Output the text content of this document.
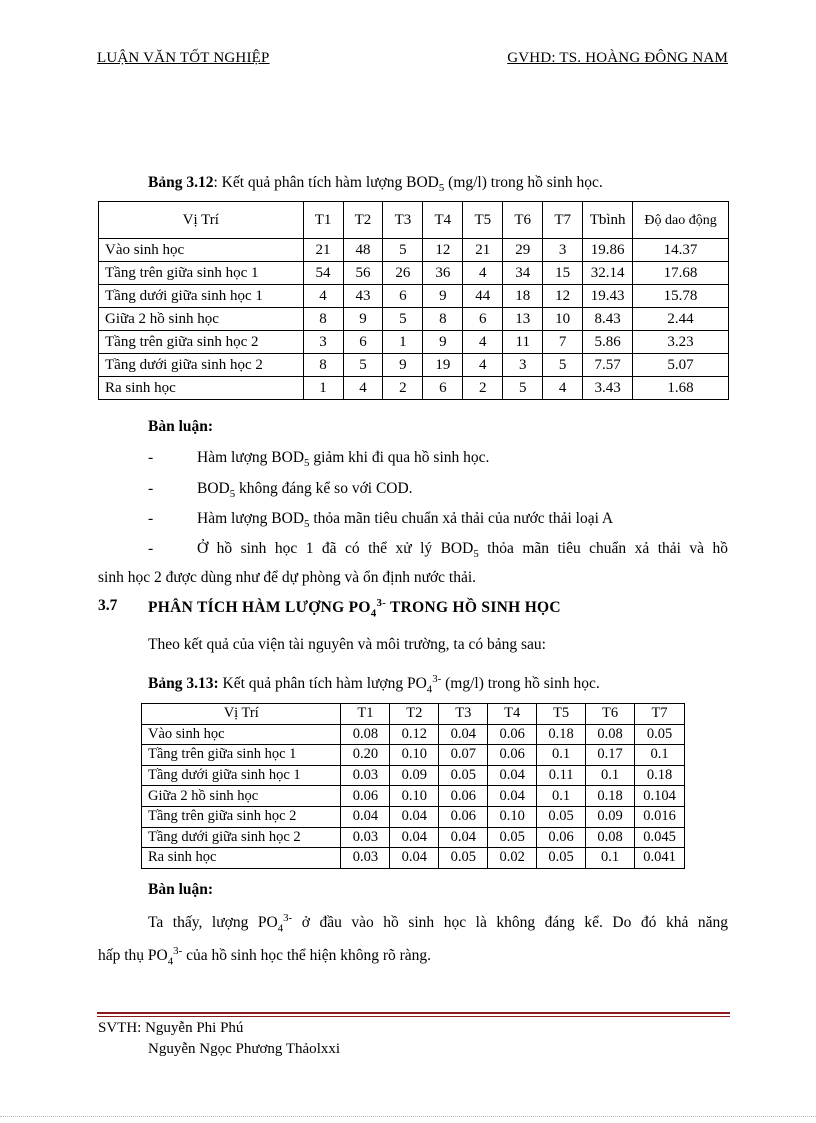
LUẬN VĂN TỐT NGHIỆP	GVHD: TS. HOÀNG ĐÔNG NAM
Bảng 3.12: Kết quả phân tích hàm lượng $BOD_5$ (mg/l) trong hồ sinh học.
Vị Trí	T1	T2	T3	T4	T5	T6	T7	Tbình	Độ dao động
Vào sinh học	21	48	5	12	21	29	3	19.86	14.37
Tầng trên giữa sinh học 1	54	56	26	36	4	34	15	32.14	17.68
Tầng dưới giữa sinh học 1	4	43	6	9	44	18	12	19.43	15.78
Giữa 2 hồ sinh học	8	9	5	8	6	13	10	8.43	2.44
Tầng trên giữa sinh học 2	3	6	1	9	4	11	7	5.86	3.23
Tầng dưới giữa sinh học 2	8	5	9	19	4	3	5	7.57	5.07
Ra sinh học	1	4	2	6	2	5	4	3.43	1.68
Bàn luận:
-	Hàm lượng $BOD_5$ giảm khi đi qua hồ sinh học.
-	$BOD_5$ không đáng kể so với COD.
-	Hàm lượng $BOD_5$ thỏa mãn tiêu chuẩn xả thải của nước thải loại A
-	Ở hồ sinh học 1 đã có thể xử lý $BOD_5$ thỏa mãn tiêu chuẩn xả thải và hồ
sinh học 2 được dùng như để dự phòng và ổn định nước thải.
3.7 PHÂN TÍCH HÀM LƯỢNG $PO_4^{3-}$ TRONG HỒ SINH HỌC
Theo kết quả của viện tài nguyên và môi trường, ta có bảng sau:
Bảng 3.13: Kết quả phân tích hàm lượng $PO_4^{3-}$ (mg/l) trong hồ sinh học.
Vị Trí	T1	T2	T3	T4	T5	T6	T7
Vào sinh học	0.08	0.12	0.04	0.06	0.18	0.08	0.05
Tầng trên giữa sinh học 1	0.20	0.10	0.07	0.06	0.1	0.17	0.1
Tầng dưới giữa sinh học 1	0.03	0.09	0.05	0.04	0.11	0.1	0.18
Giữa 2 hồ sinh học	0.06	0.10	0.06	0.04	0.1	0.18	0.104
Tầng trên giữa sinh học 2	0.04	0.04	0.06	0.10	0.05	0.09	0.016
Tầng dưới giữa sinh học 2	0.03	0.04	0.04	0.05	0.06	0.08	0.045
Ra sinh học	0.03	0.04	0.05	0.02	0.05	0.1	0.041
Bàn luận:
Ta thấy, lượng $PO_4^{3-}$ ở đầu vào hồ sinh học là không đáng kể. Do đó khả năng
hấp thụ $PO_4^{3-}$ của hồ sinh học thể hiện không rõ ràng.
SVTH: Nguyễn Phi Phú
Nguyễn Ngọc Phương Thảolxxi
